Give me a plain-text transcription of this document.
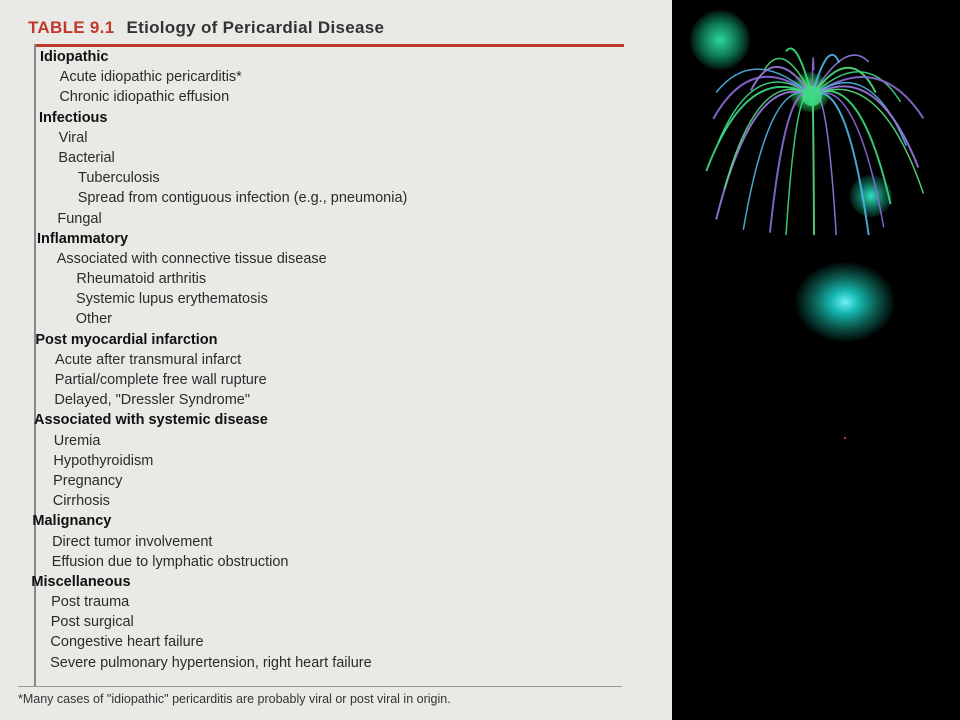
TABLE 9.1 Etiology of Pericardial Disease
Idiopathic
Acute idiopathic pericarditis*
Chronic idiopathic effusion
Infectious
Viral
Bacterial
Tuberculosis
Spread from contiguous infection (e.g., pneumonia)
Fungal
Inflammatory
Associated with connective tissue disease
Rheumatoid arthritis
Systemic lupus erythematosis
Other
Post myocardial infarction
Acute after transmural infarct
Partial/complete free wall rupture
Delayed, "Dressler Syndrome"
Associated with systemic disease
Uremia
Hypothyroidism
Pregnancy
Cirrhosis
Malignancy
Direct tumor involvement
Effusion due to lymphatic obstruction
Miscellaneous
Post trauma
Post surgical
Congestive heart failure
Severe pulmonary hypertension, right heart failure
*Many cases of "idiopathic" pericarditis are probably viral or post viral in origin.
